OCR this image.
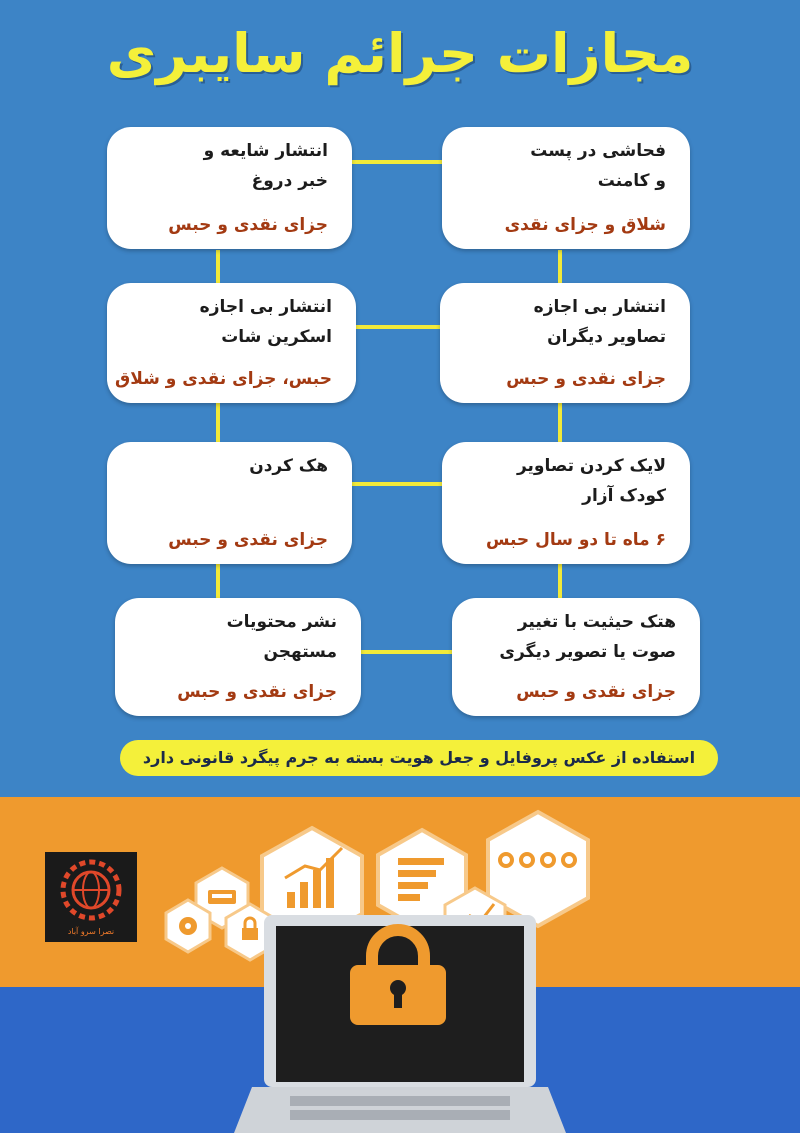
مجازات جرائم سایبری
فحاشی در پست
و کامنت
شلاق و جزای نقدی
انتشار شایعه و
خبر دروغ
جزای نقدی و حبس
انتشار بی اجازه
تصاویر دیگران
جزای نقدی و حبس
انتشار بی اجازه
اسکرین شات
حبس، جزای نقدی و شلاق
لایک کردن تصاویر
کودک آزار
۶ ماه تا دو سال حبس
هک کردن
جزای نقدی و حبس
هتک حیثیت با تغییر
صوت یا تصویر دیگری
جزای نقدی و حبس
نشر محتویات
مستهجن
جزای نقدی و حبس
استفاده از عکس پروفایل و جعل هویت بسته به جرم پیگرد قانونی دارد
نصرا سرو آباد
